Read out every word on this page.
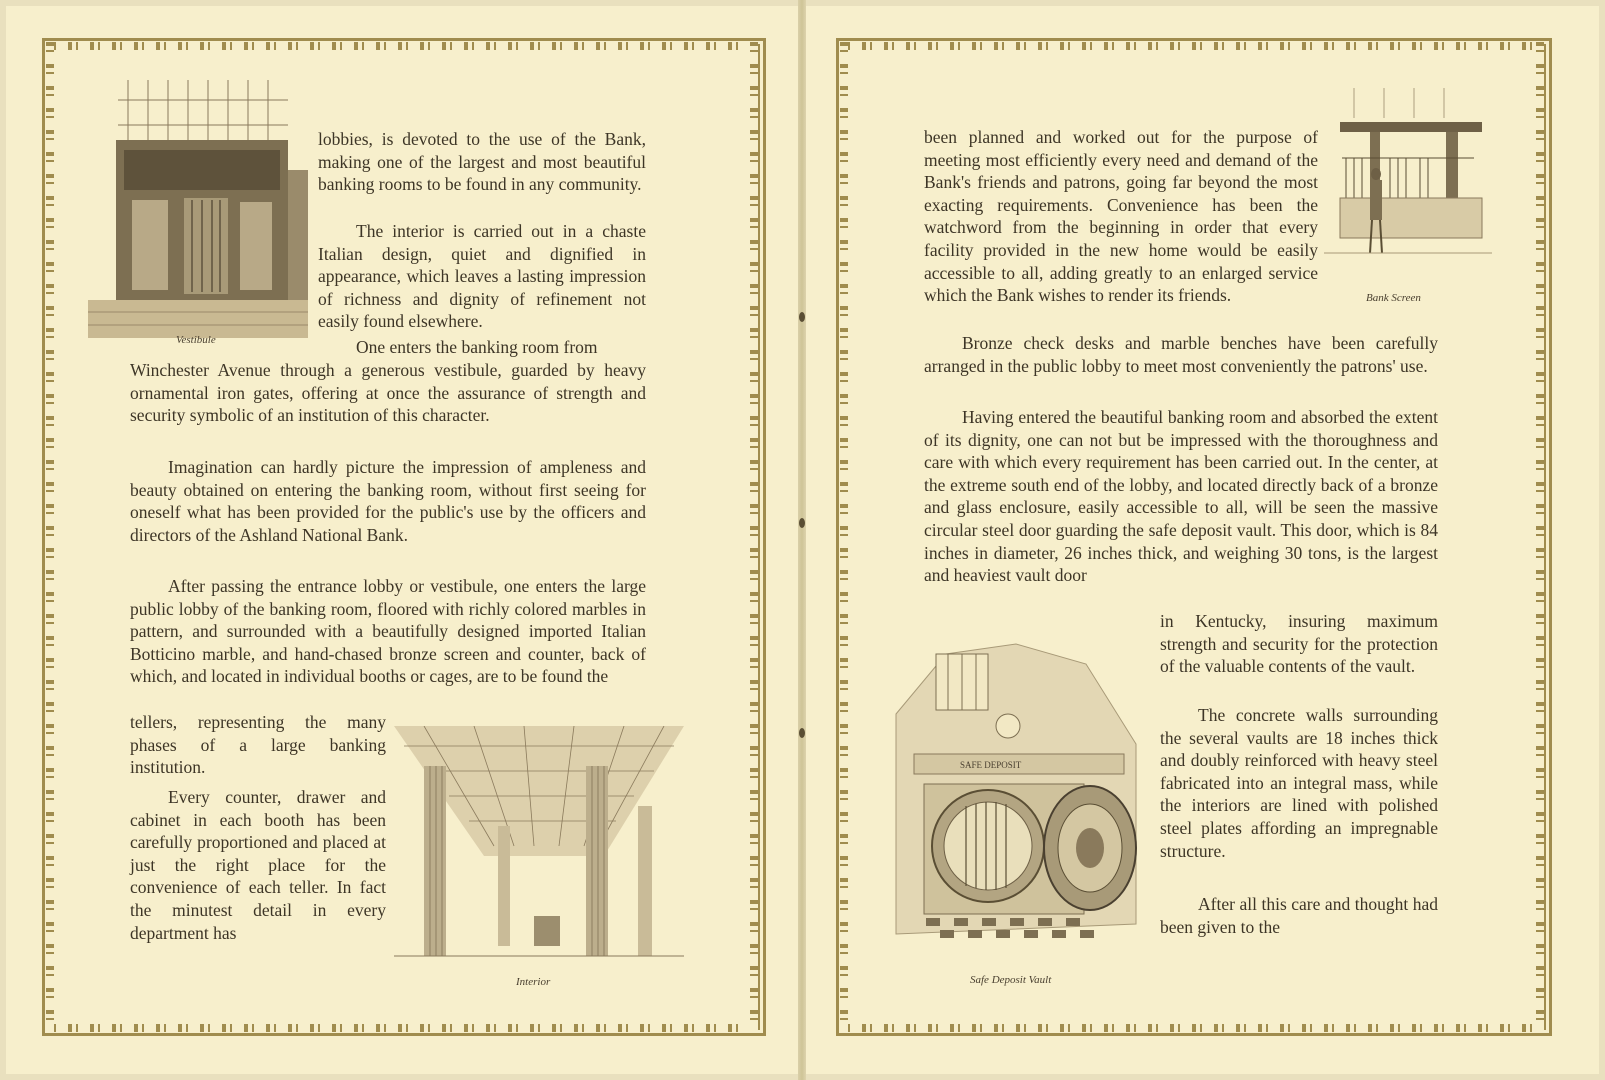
Vestibule

lobbies, is devoted to the use of the Bank, making one of the largest and most beautiful banking rooms to be found in any community.

The interior is carried out in a chaste Italian design, quiet and dignified in appearance, which leaves a lasting impression of richness and dignity of refinement not easily found elsewhere.

One enters the banking room from

Winchester Avenue through a generous vestibule, guarded by heavy ornamental iron gates, offering at once the assurance of strength and security symbolic of an institution of this character.

Imagination can hardly picture the impression of ampleness and beauty obtained on entering the banking room, without first seeing for oneself what has been provided for the public's use by the officers and directors of the Ashland National Bank.

After passing the entrance lobby or vestibule, one enters the large public lobby of the banking room, floored with richly colored marbles in pattern, and surrounded with a beautifully designed imported Italian Botticino marble, and hand-chased bronze screen and counter, back of which, and located in individual booths or cages, are to be found the

tellers, representing the many phases of a large banking institution.

Every counter, drawer and cabinet in each booth has been carefully proportioned and placed at just the right place for the convenience of each teller. In fact the minutest detail in every department has

Interior

been planned and worked out for the purpose of meeting most efficiently every need and demand of the Bank's friends and patrons, going far beyond the most exacting requirements. Convenience has been the watchword from the beginning in order that every facility provided in the new home would be easily accessible to all, adding greatly to an enlarged service which the Bank wishes to render its friends.	Bank Screen

Bronze check desks and marble benches have been carefully arranged in the public lobby to meet most conveniently the patrons' use.

Having entered the beautiful banking room and absorbed the extent of its dignity, one can not but be impressed with the thoroughness and care with which every requirement has been carried out. In the center, at the extreme south end of the lobby, and located directly back of a bronze and glass enclosure, easily accessible to all, will be seen the massive circular steel door guarding the safe deposit vault. This door, which is 84 inches in diameter, 26 inches thick, and weighing 30 tons, is the largest and heaviest vault door

in Kentucky, insuring maximum strength and security for the protection of the valuable contents of the vault.

The concrete walls surrounding the several vaults are 18 inches thick and doubly reinforced with heavy steel fabricated into an integral mass, while the interiors are lined with polished steel plates affording an impregnable structure.

After all this care and thought had been given to the

SAFE DEPOSIT
Safe Deposit Vault
